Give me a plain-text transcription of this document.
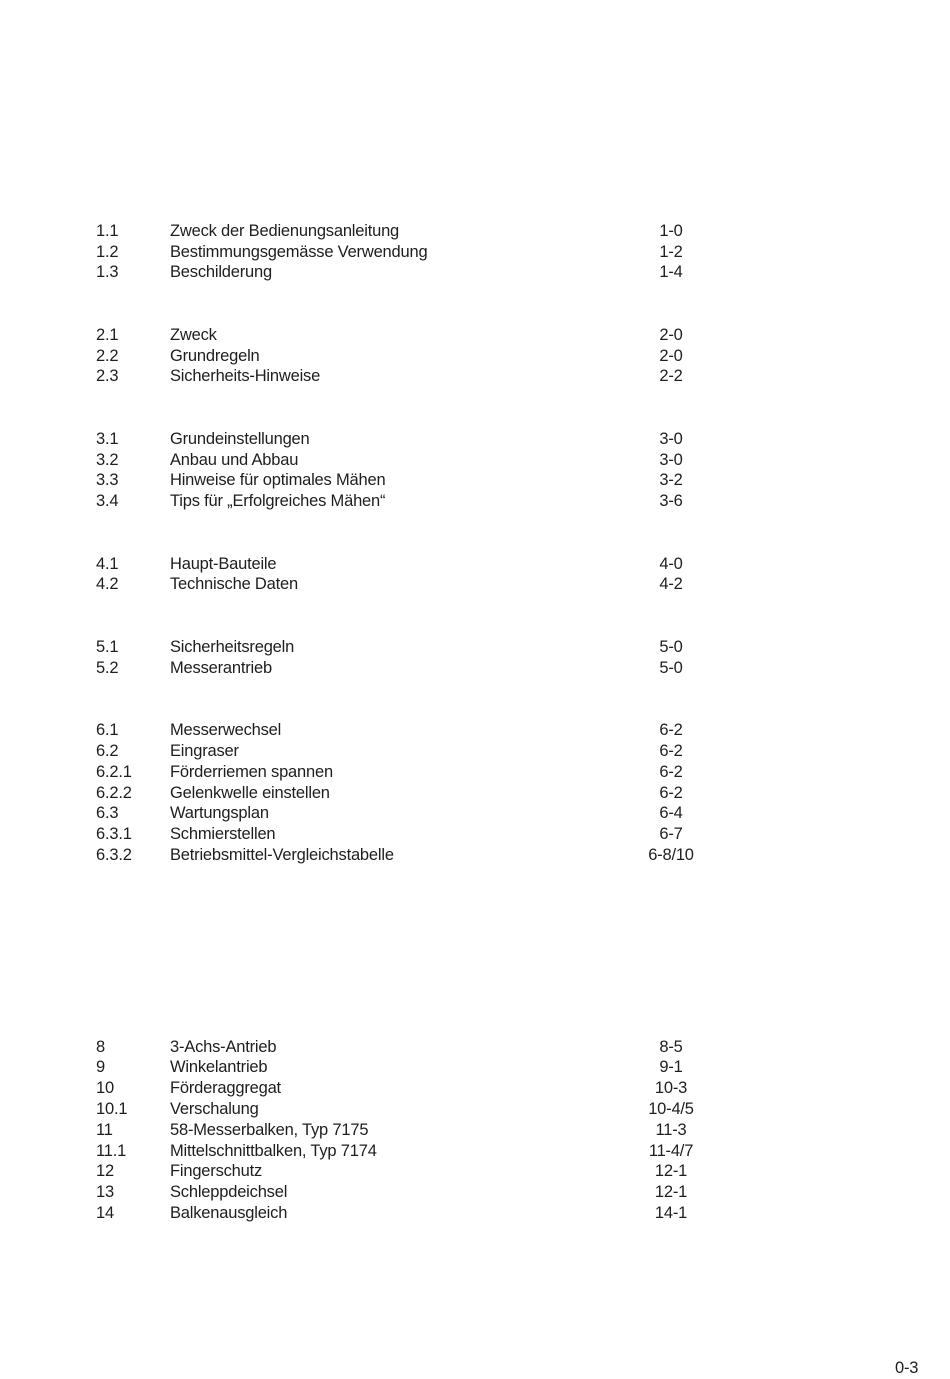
1.1	Zweck der Bedienungsanleitung	1-0
1.2	Bestimmungsgemässe Verwendung	1-2
1.3	Beschilderung	1-4
2.1	Zweck	2-0
2.2	Grundregeln	2-0
2.3	Sicherheits-Hinweise	2-2
3.1	Grundeinstellungen	3-0
3.2	Anbau und Abbau	3-0
3.3	Hinweise für optimales Mähen	3-2
3.4	Tips für „Erfolgreiches Mähen“	3-6
4.1	Haupt-Bauteile	4-0
4.2	Technische Daten	4-2
5.1	Sicherheitsregeln	5-0
5.2	Messerantrieb	5-0
6.1	Messerwechsel	6-2
6.2	Eingraser	6-2
6.2.1 Förderriemen spannen	6-2
6.2.2 Gelenkwelle einstellen	6-2
6.3	Wartungsplan	6-4
6.3.1 Schmierstellen	6-7
6.3.2 Betriebsmittel-Vergleichstabelle	6-8/10
8	3-Achs-Antrieb	8-5
9	Winkelantrieb	9-1
10	Förderaggregat	10-3
10.1	Verschalung	10-4/5
11	58-Messerbalken, Typ 7175	11-3
11.1	Mittelschnittbalken, Typ 7174	11-4/7
12	Fingerschutz	12-1
13	Schleppdeichsel	12-1
14	Balkenausgleich	14-1
0-3
